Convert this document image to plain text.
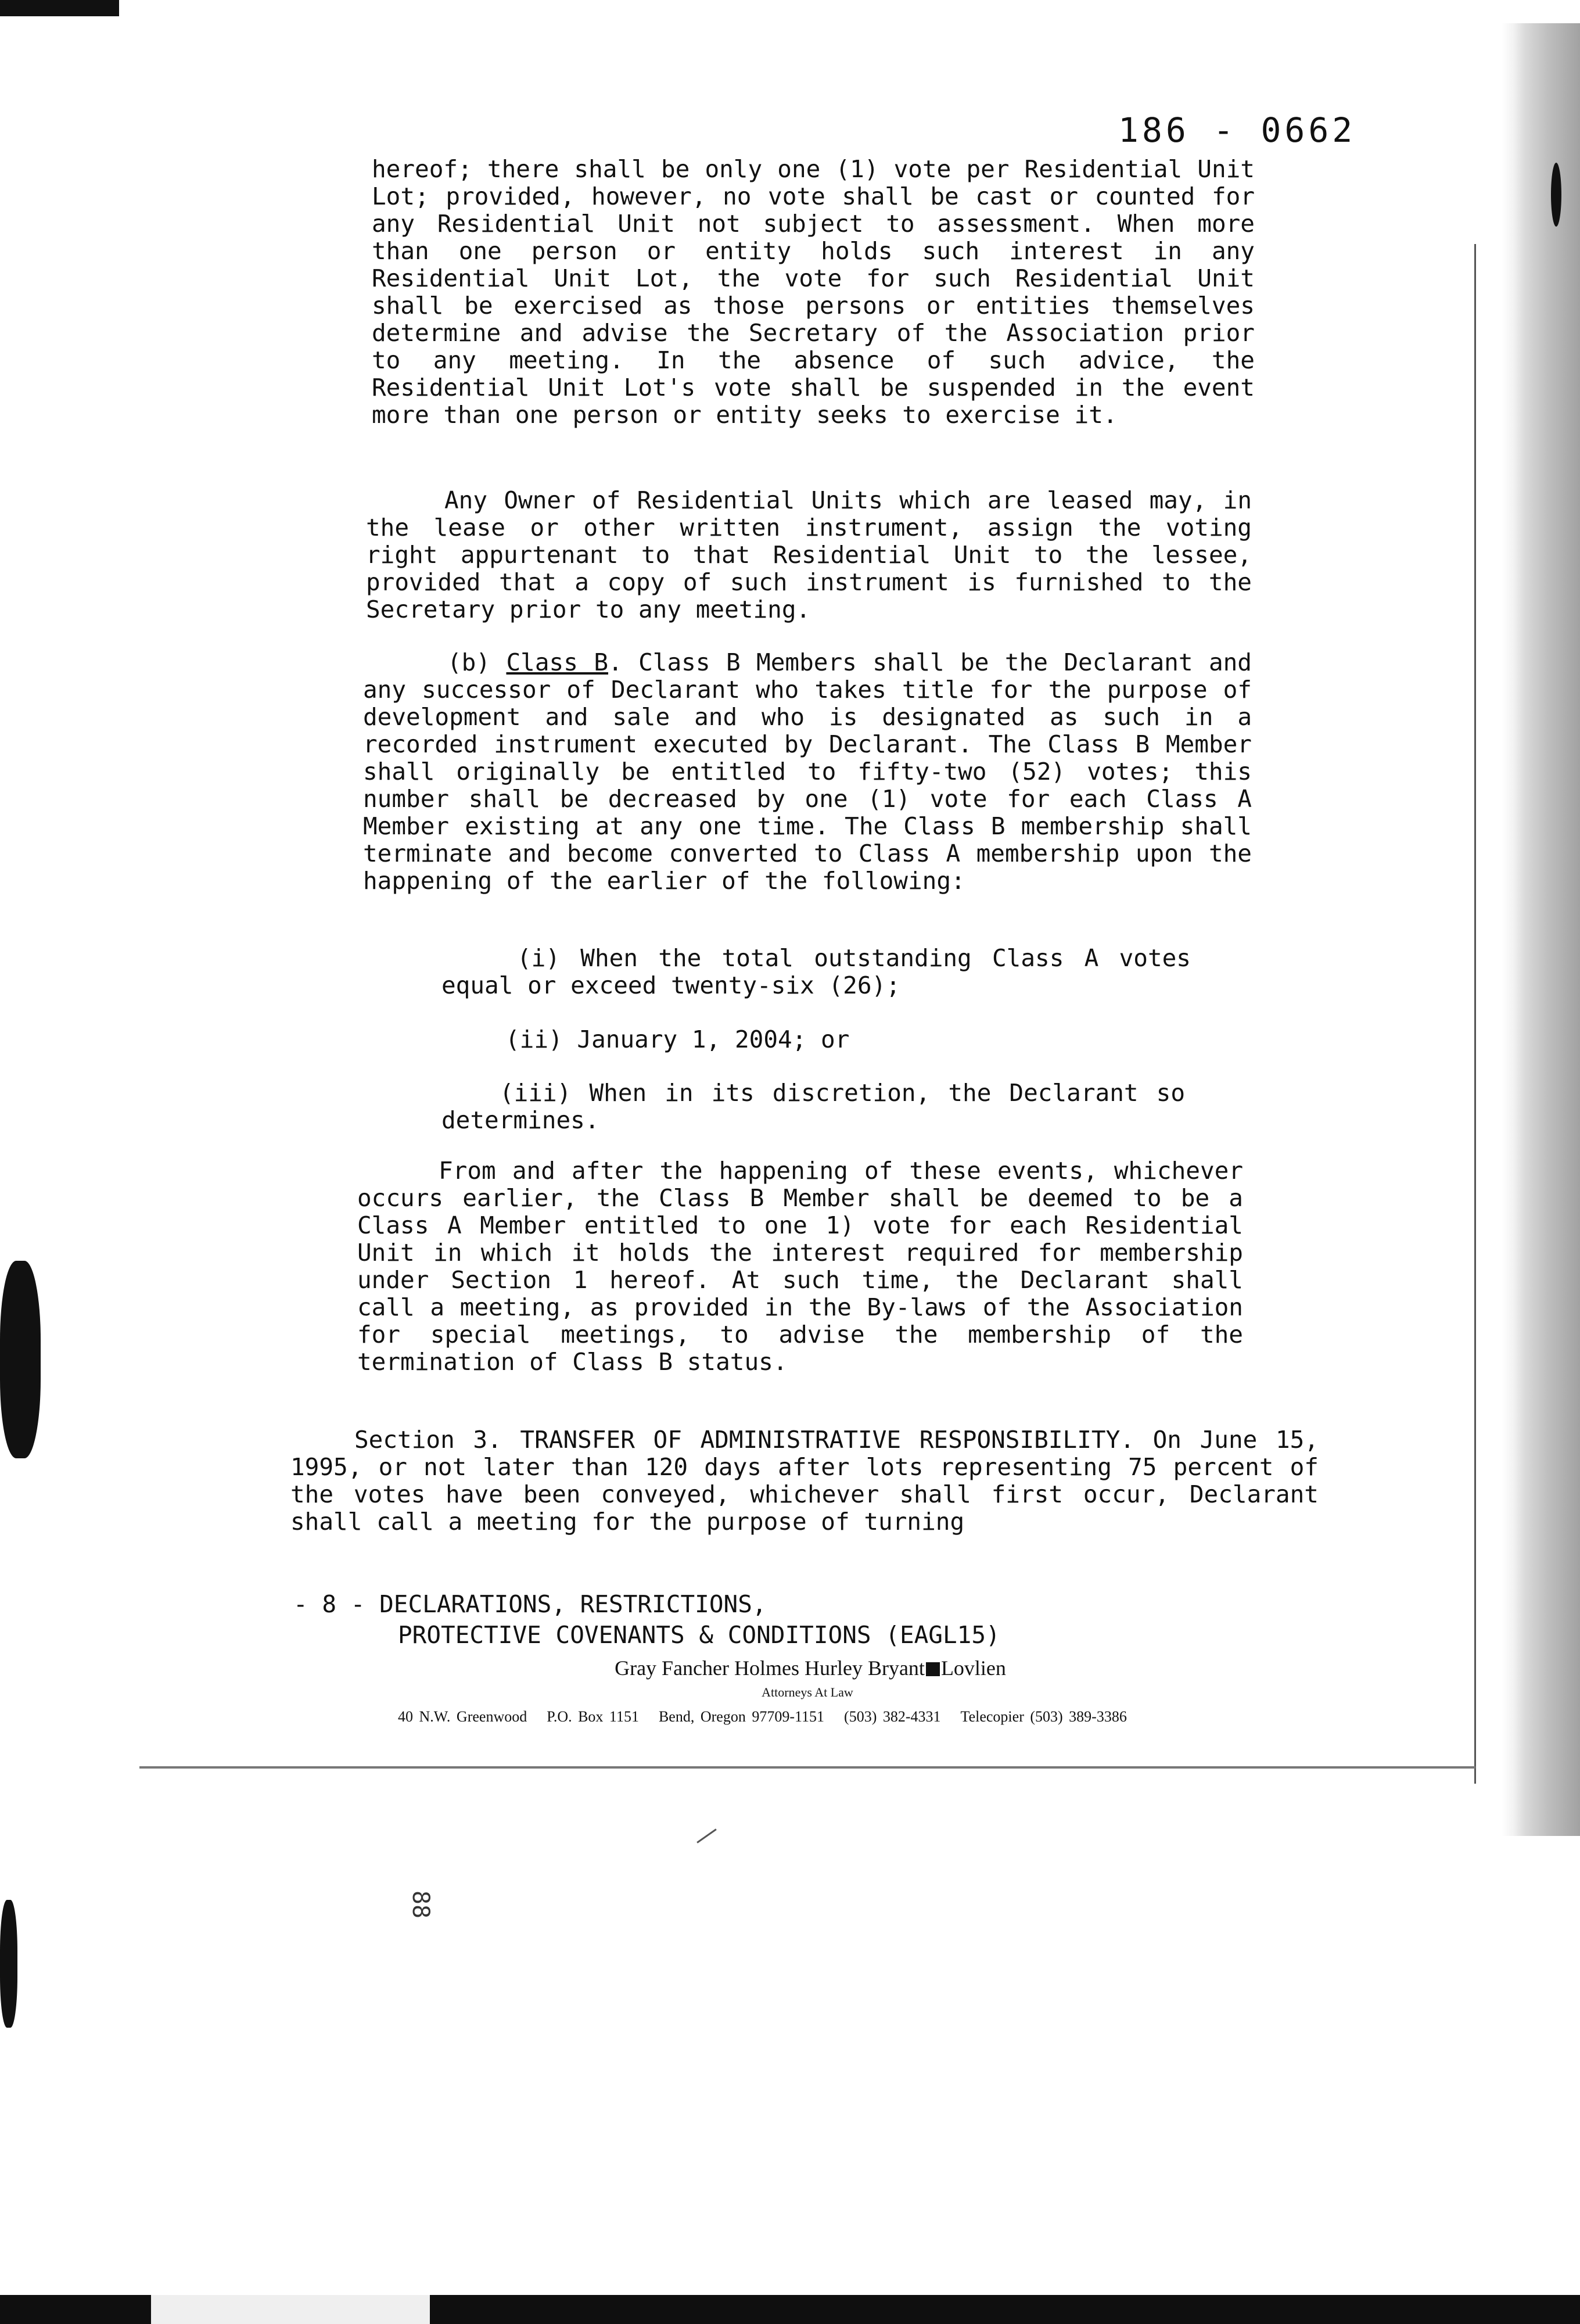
186 - 0662
hereof; there shall be only one (1) vote per Residential Unit Lot; provided, however, no vote shall be cast or counted for any Residential Unit not subject to assessment. When more than one person or entity holds such interest in any Residential Unit Lot, the vote for such Residential Unit shall be exercised as those persons or entities themselves determine and advise the Secretary of the Association prior to any meeting. In the absence of such advice, the Residential Unit Lot's vote shall be suspended in the event more than one person or entity seeks to exercise it.
Any Owner of Residential Units which are leased may, in the lease or other written instrument, assign the voting right appurtenant to that Residential Unit to the lessee, provided that a copy of such instrument is furnished to the Secretary prior to any meeting.
(b) Class B. Class B Members shall be the Declarant and any successor of Declarant who takes title for the purpose of development and sale and who is designated as such in a recorded instrument executed by Declarant. The Class B Member shall originally be entitled to fifty-two (52) votes; this number shall be decreased by one (1) vote for each Class A Member existing at any one time. The Class B membership shall terminate and become converted to Class A membership upon the happening of the earlier of the following:
(i) When the total outstanding Class A votes equal or exceed twenty-six (26);
(ii) January 1, 2004; or
(iii) When in its discretion, the Declarant so determines.
From and after the happening of these events, whichever occurs earlier, the Class B Member shall be deemed to be a Class A Member entitled to one 1) vote for each Residential Unit in which it holds the interest required for membership under Section 1 hereof. At such time, the Declarant shall call a meeting, as provided in the By-laws of the Association for special meetings, to advise the membership of the termination of Class B status.
Section 3. TRANSFER OF ADMINISTRATIVE RESPONSIBILITY. On June 15, 1995, or not later than 120 days after lots representing 75 percent of the votes have been conveyed, whichever shall first occur, Declarant shall call a meeting for the purpose of turning
- 8 - DECLARATIONS, RESTRICTIONS,
PROTECTIVE COVENANTS & CONDITIONS (EAGL15)
Gray Fancher Holmes Hurley Bryant Lovlien
Attorneys At Law
40 N.W. Greenwood P.O. Box 1151 Bend, Oregon 97709-1151 (503) 382-4331 Telecopier (503) 389-3386
88
